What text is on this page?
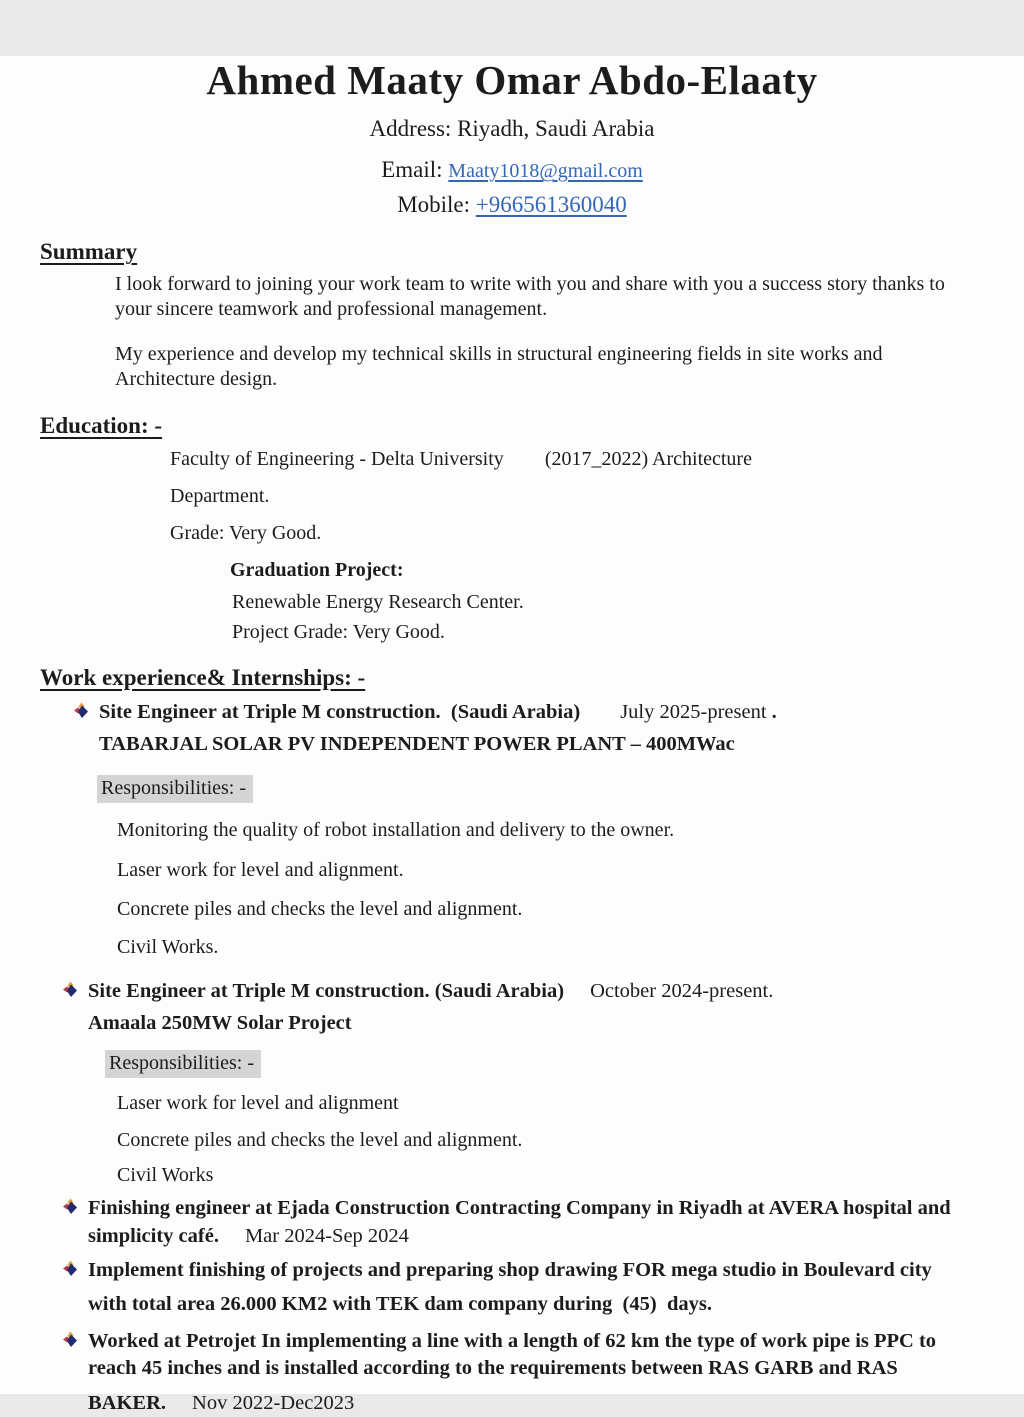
Ahmed Maaty Omar Abdo-Elaaty
Address: Riyadh, Saudi Arabia
Email: Maaty1018@gmail.com
Mobile: +966561360040
Summary

I look forward to joining your work team to write with you and share with you a success story thanks to your sincere teamwork and professional management.

My experience and develop my technical skills in structural engineering fields in site works and Architecture design.

Education: -
Faculty of Engineering - Delta University (2017_2022) Architecture
Department.
Grade: Very Good.
Graduation Project:
Renewable Energy Research Center.
Project Grade: Very Good.
Work experience& Internships: -
Site Engineer at Triple M construction.  (Saudi Arabia) July 2025-present .
TABARJAL SOLAR PV INDEPENDENT POWER PLANT – 400MWac
Responsibilities: -
Monitoring the quality of robot installation and delivery to the owner.
Laser work for level and alignment.
Concrete piles and checks the level and alignment.
Civil Works.
Site Engineer at Triple M construction. (Saudi Arabia) October 2024-present.
Amaala 250MW Solar Project
Responsibilities: -
Laser work for level and alignment
Concrete piles and checks the level and alignment.
Civil Works
Finishing engineer at Ejada Construction Contracting Company in Riyadh at AVERA hospital and
simplicity café. Mar 2024-Sep 2024
Implement finishing of projects and preparing shop drawing FOR mega studio in Boulevard city
with total area 26.000 KM2 with TEK dam company during  (45)  days.
Worked at Petrojet In implementing a line with a length of 62 km the type of work pipe is PPC to
reach 45 inches and is installed according to the requirements between RAS GARB and RAS
BAKER. Nov 2022-Dec2023
